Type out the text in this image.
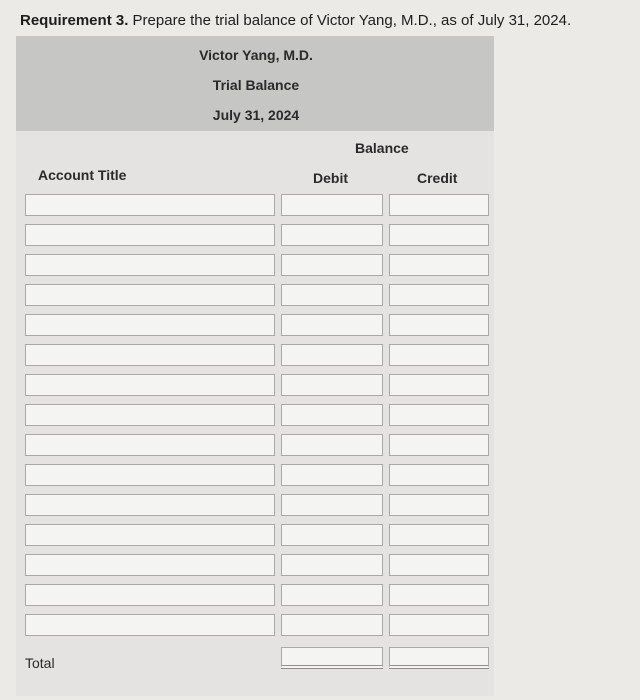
Requirement 3. Prepare the trial balance of Victor Yang, M.D., as of July 31, 2024.
Victor Yang, M.D.
Trial Balance
July 31, 2024
Balance
Account Title	Debit	Credit
Total
